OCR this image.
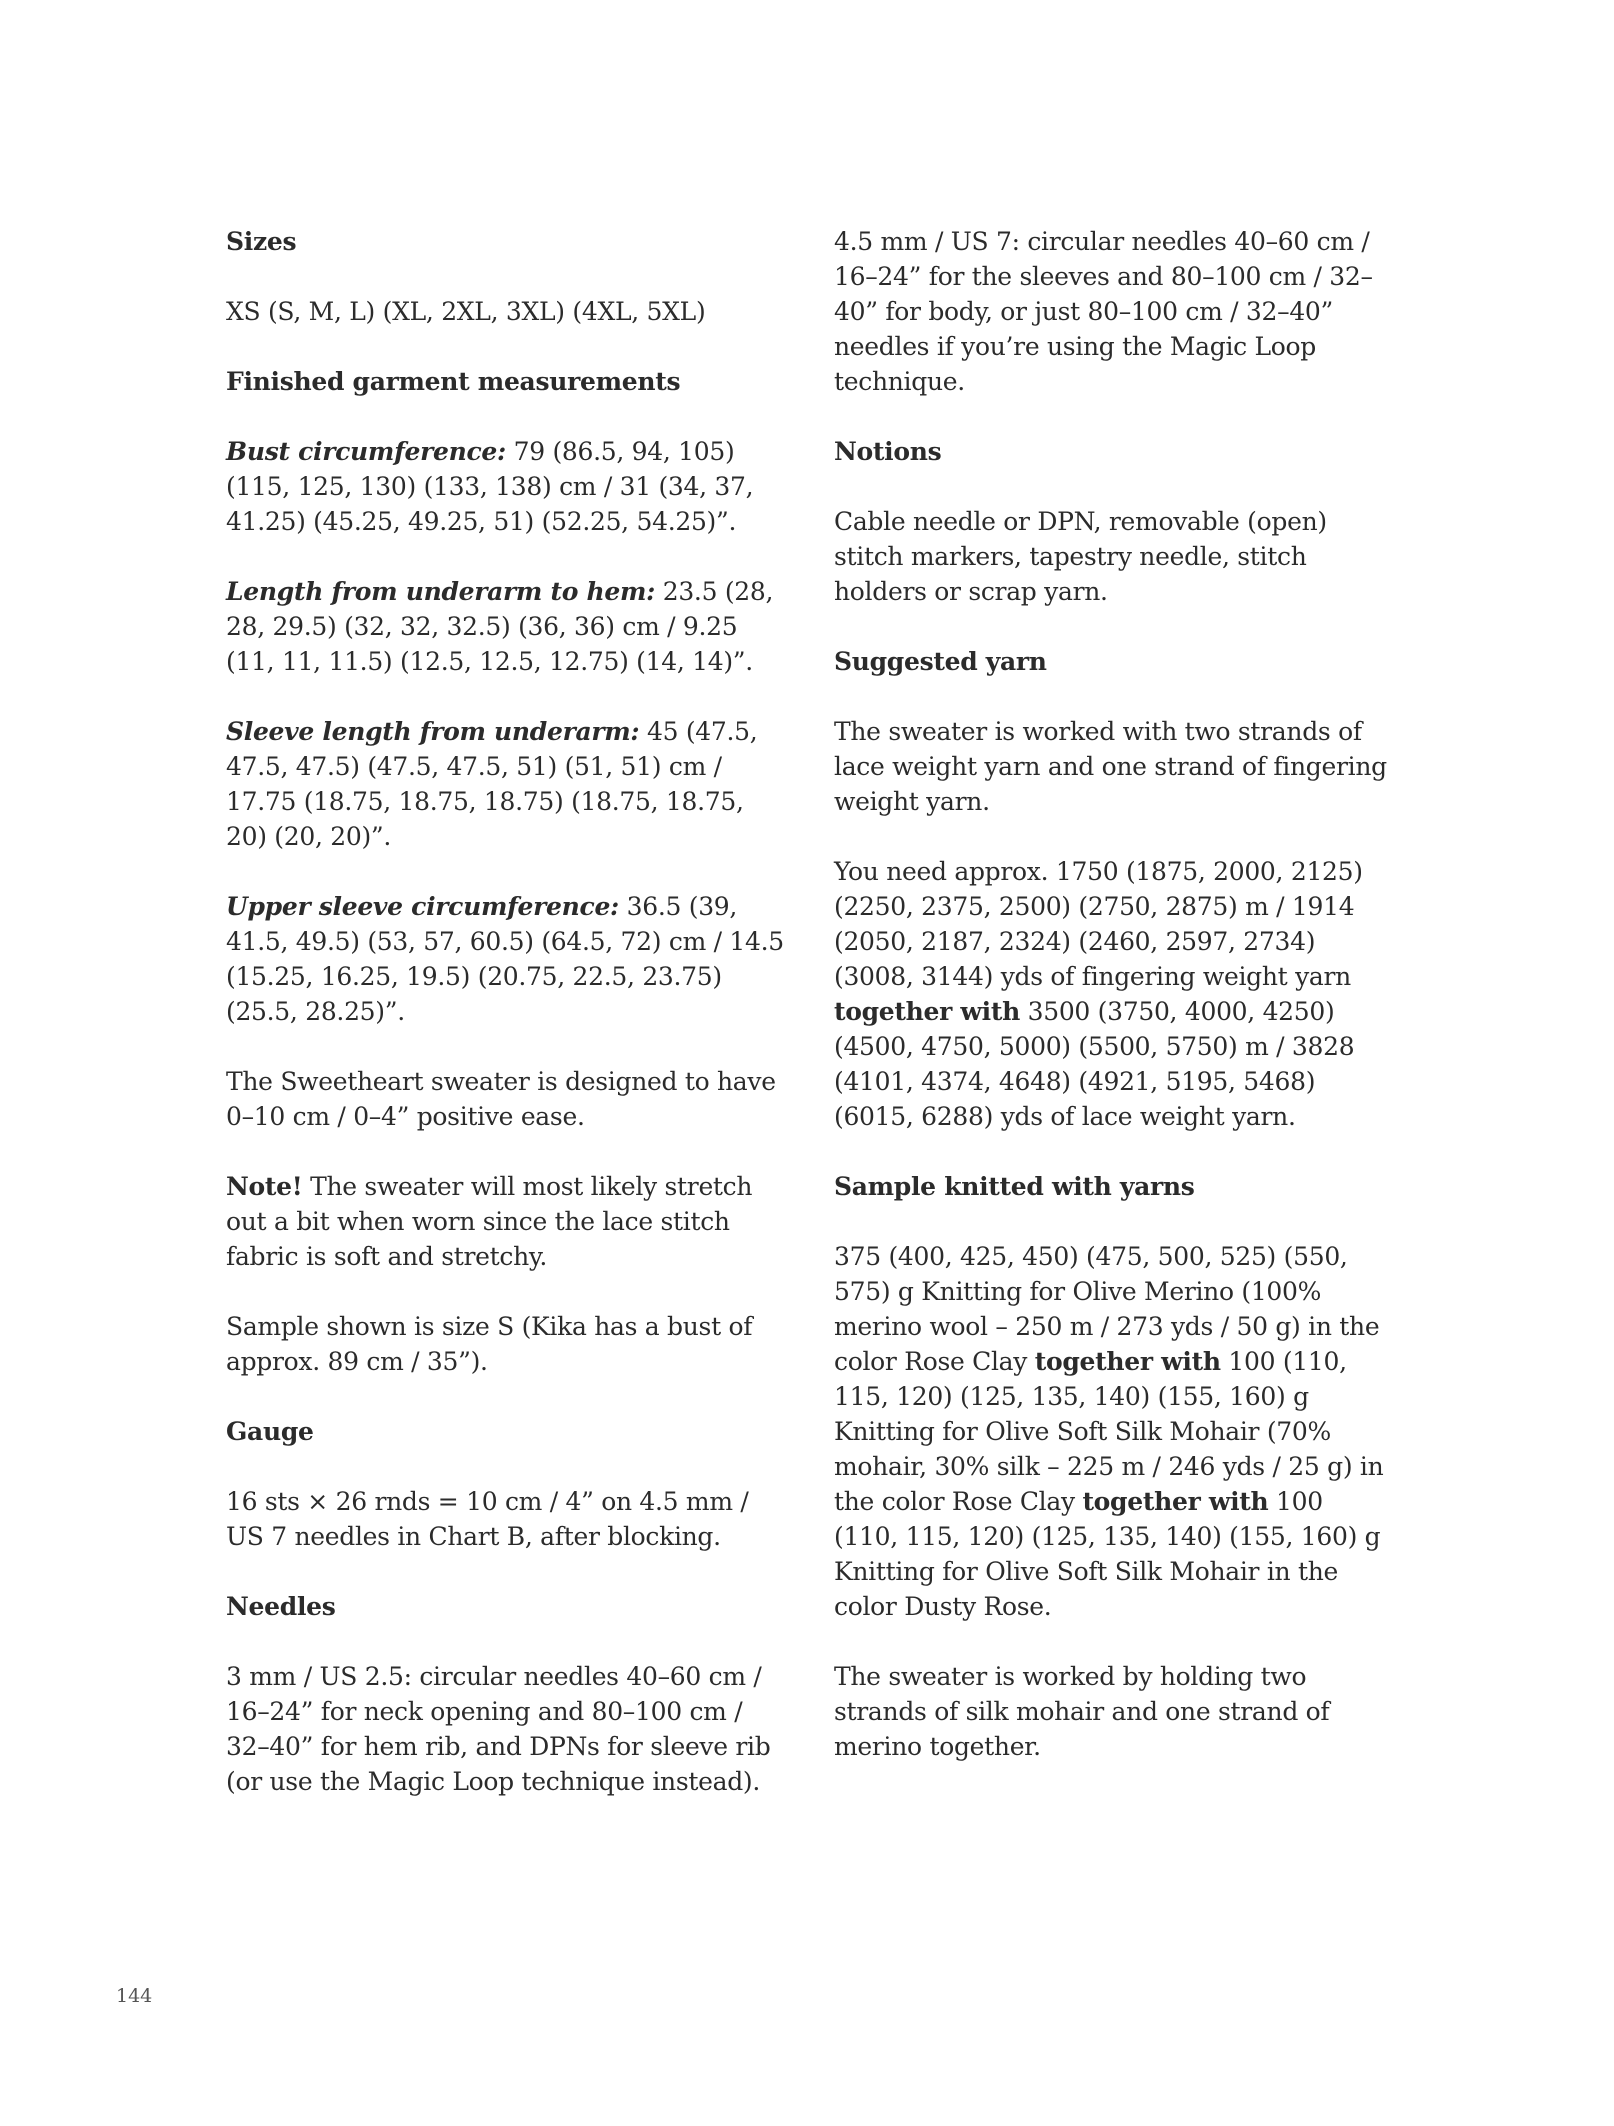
Sizes

XS (S, M, L) (XL, 2XL, 3XL) (4XL, 5XL)

Finished garment measurements

Bust circumference: 79 (86.5, 94, 105) (115, 125, 130) (133, 138) cm / 31 (34, 37, 41.25) (45.25, 49.25, 51) (52.25, 54.25)”.

Length from underarm to hem: 23.5 (28, 28, 29.5) (32, 32, 32.5) (36, 36) cm / 9.25 (11, 11, 11.5) (12.5, 12.5, 12.75) (14, 14)”.

Sleeve length from underarm: 45 (47.5, 47.5, 47.5) (47.5, 47.5, 51) (51, 51) cm / 17.75 (18.75, 18.75, 18.75) (18.75, 18.75, 20) (20, 20)”.

Upper sleeve circumference: 36.5 (39, 41.5, 49.5) (53, 57, 60.5) (64.5, 72) cm / 14.5 (15.25, 16.25, 19.5) (20.75, 22.5, 23.75) (25.5, 28.25)”.

The Sweetheart sweater is designed to have 0–10 cm / 0–4” positive ease.

Note! The sweater will most likely stretch out a bit when worn since the lace stitch fabric is soft and stretchy.

Sample shown is size S (Kika has a bust of approx. 89 cm / 35”).

Gauge

16 sts × 26 rnds = 10 cm / 4” on 4.5 mm / US 7 needles in Chart B, after blocking.

Needles

3 mm / US 2.5: circular needles 40–60 cm / 16–24” for neck opening and 80–100 cm / 32–40” for hem rib, and DPNs for sleeve rib (or use the Magic Loop technique instead).

4.5 mm / US 7: circular needles 40–60 cm / 16–24” for the sleeves and 80–100 cm / 32–40” for body, or just 80–100 cm / 32–40” needles if you’re using the Magic Loop technique.

Notions

Cable needle or DPN, removable (open) stitch markers, tapestry needle, stitch holders or scrap yarn.

Suggested yarn

The sweater is worked with two strands of lace weight yarn and one strand of fingering weight yarn.

You need approx. 1750 (1875, 2000, 2125) (2250, 2375, 2500) (2750, 2875) m / 1914 (2050, 2187, 2324) (2460, 2597, 2734) (3008, 3144) yds of fingering weight yarn together with 3500 (3750, 4000, 4250) (4500, 4750, 5000) (5500, 5750) m / 3828 (4101, 4374, 4648) (4921, 5195, 5468) (6015, 6288) yds of lace weight yarn.

Sample knitted with yarns

375 (400, 425, 450) (475, 500, 525) (550, 575) g Knitting for Olive Merino (100% merino wool – 250 m / 273 yds / 50 g) in the color Rose Clay together with 100 (110, 115, 120) (125, 135, 140) (155, 160) g Knitting for Olive Soft Silk Mohair (70% mohair, 30% silk – 225 m / 246 yds / 25 g) in the color Rose Clay together with 100 (110, 115, 120) (125, 135, 140) (155, 160) g Knitting for Olive Soft Silk Mohair in the color Dusty Rose.

The sweater is worked by holding two strands of silk mohair and one strand of merino together.

144
